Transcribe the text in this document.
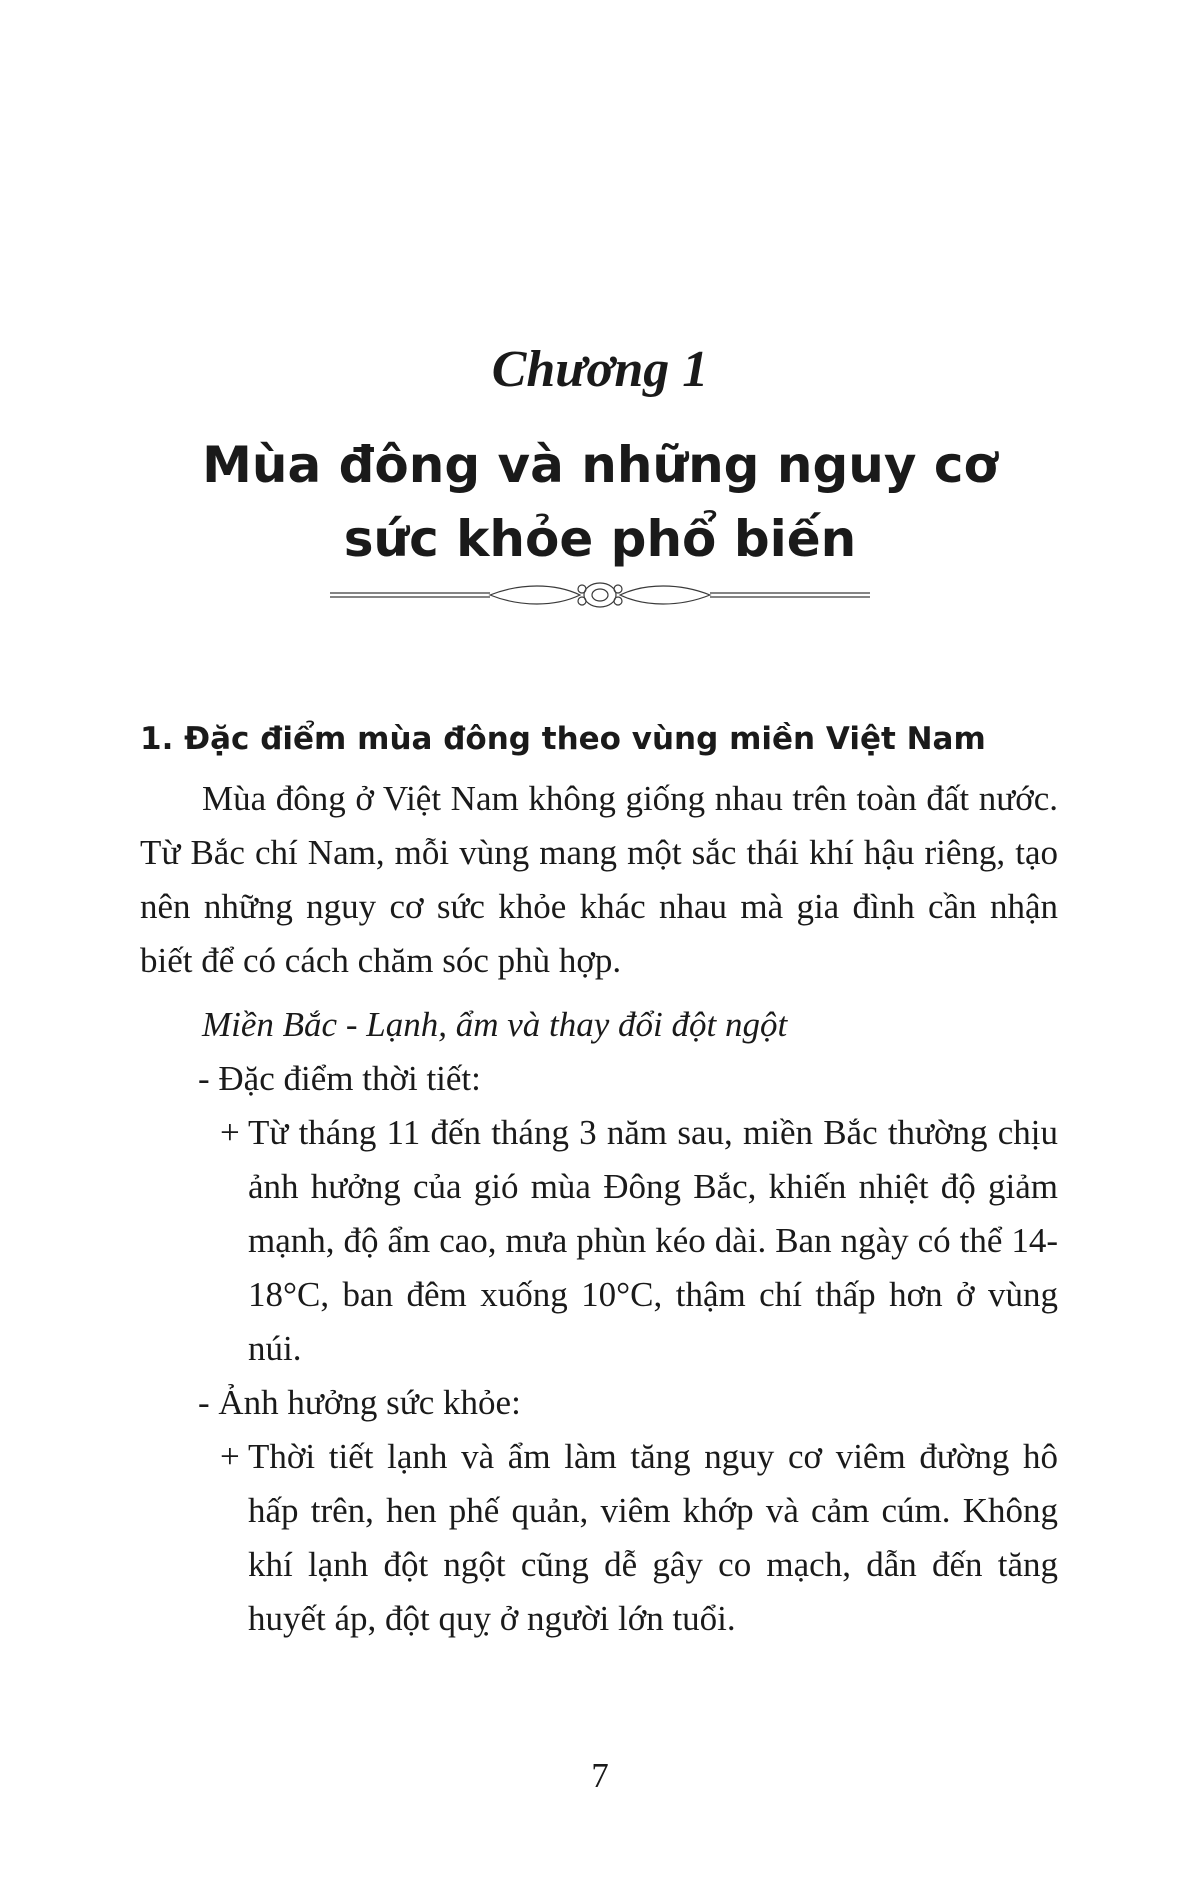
Chương 1
Mùa đông và những nguy cơ
sức khỏe phổ biến
1. Đặc điểm mùa đông theo vùng miền Việt Nam

Mùa đông ở Việt Nam không giống nhau trên toàn đất nước. Từ Bắc chí Nam, mỗi vùng mang một sắc thái khí hậu riêng, tạo nên những nguy cơ sức khỏe khác nhau mà gia đình cần nhận biết để có cách chăm sóc phù hợp.

Miền Bắc - Lạnh, ẩm và thay đổi đột ngột
- Đặc điểm thời tiết:
+ Từ tháng 11 đến tháng 3 năm sau, miền Bắc thường chịu ảnh hưởng của gió mùa Đông Bắc, khiến nhiệt độ giảm mạnh, độ ẩm cao, mưa phùn kéo dài. Ban ngày có thể 14-18°C, ban đêm xuống 10°C, thậm chí thấp hơn ở vùng núi.
- Ảnh hưởng sức khỏe:
+ Thời tiết lạnh và ẩm làm tăng nguy cơ viêm đường hô hấp trên, hen phế quản, viêm khớp và cảm cúm. Không khí lạnh đột ngột cũng dễ gây co mạch, dẫn đến tăng huyết áp, đột quỵ ở người lớn tuổi.
7
